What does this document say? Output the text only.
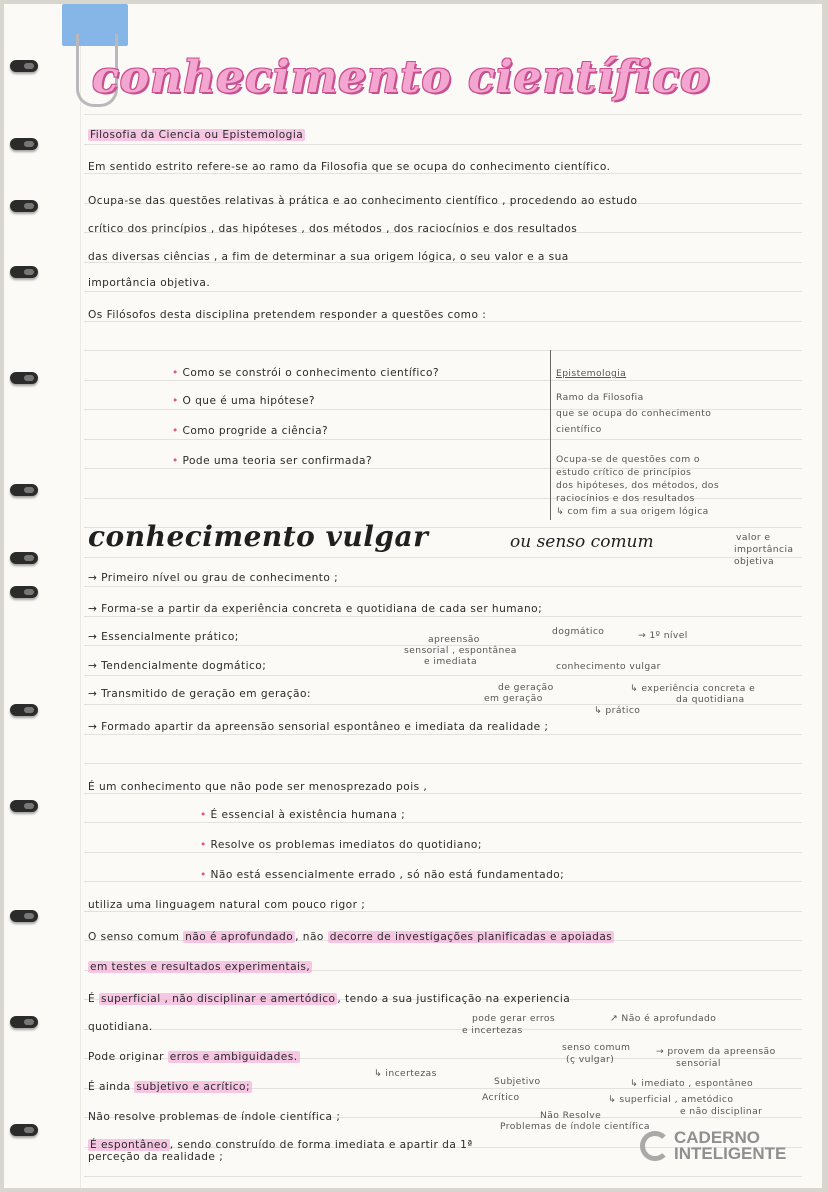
conhecimento científico
Filosofia da Ciencia ou Epistemologia
Em sentido estrito refere-se ao ramo da Filosofia que se ocupa do conhecimento científico.
Ocupa-se das questões relativas à prática e ao conhecimento científico , procedendo ao estudo
crítico dos princípios , das hipóteses , dos métodos , dos raciocínios e dos resultados
das diversas ciências , a fim de determinar a sua origem lógica, o seu valor e a sua
importância objetiva.
Os Filósofos desta disciplina pretendem responder a questões como :
• Como se constrói o conhecimento científico?
• O que é uma hipótese?
• Como progride a ciência?
• Pode uma teoria ser confirmada?
Epistemologia
Ramo da Filosofia
que se ocupa do conhecimento
científico
Ocupa-se de questões com o
estudo crítico de princípios
dos hipóteses, dos métodos, dos
raciocínios e dos resultados
↳ com fim a sua origem lógica
valor e
importância
objetiva
conhecimento vulgar	ou senso comum
→ Primeiro nível ou grau de conhecimento ;
→ Forma-se a partir da experiência concreta e quotidiana de cada ser humano;
→ Essencialmente prático;
→ Tendencialmente dogmático;
→ Transmitido de geração em geração:
→ Formado apartir da apreensão sensorial espontâneo e imediata da realidade ;
dogmático	→ 1º nível
apreensão
sensorial , espontânea
e imediata	conhecimento vulgar
de geração
em geração
↳ experiência concreta e
da quotidiana
↳ prático
É um conhecimento que não pode ser menosprezado pois ,
• É essencial à existência humana ;
• Resolve os problemas imediatos do quotidiano;
• Não está essencialmente errado , só não está fundamentado;
utiliza uma linguagem natural com pouco rigor ;
O senso comum não é aprofundado , não decorre de investigações planificadas e apoiadas
em testes e resultados experimentais,
É superficial , não disciplinar e amertódico , tendo a sua justificação na experiencia
quotidiana.
Pode originar erros e ambiguidades.
É ainda subjetivo e acrítico;
Não resolve problemas de índole científica ;
É espontâneo , sendo construído de forma imediata e apartir da 1ª
perceção da realidade ;
pode gerar erros
e incertezas
↗ Não é aprofundado
senso comum
(ç vulgar)
→ provem da apreensão
sensorial
↳ incertezas
Subjetivo
Acrítico
↳ imediato , espontâneo
↳ superficial , ametódico
e não disciplinar
Não Resolve
Problemas de índole científica
CADERNO
INTELIGENTE
